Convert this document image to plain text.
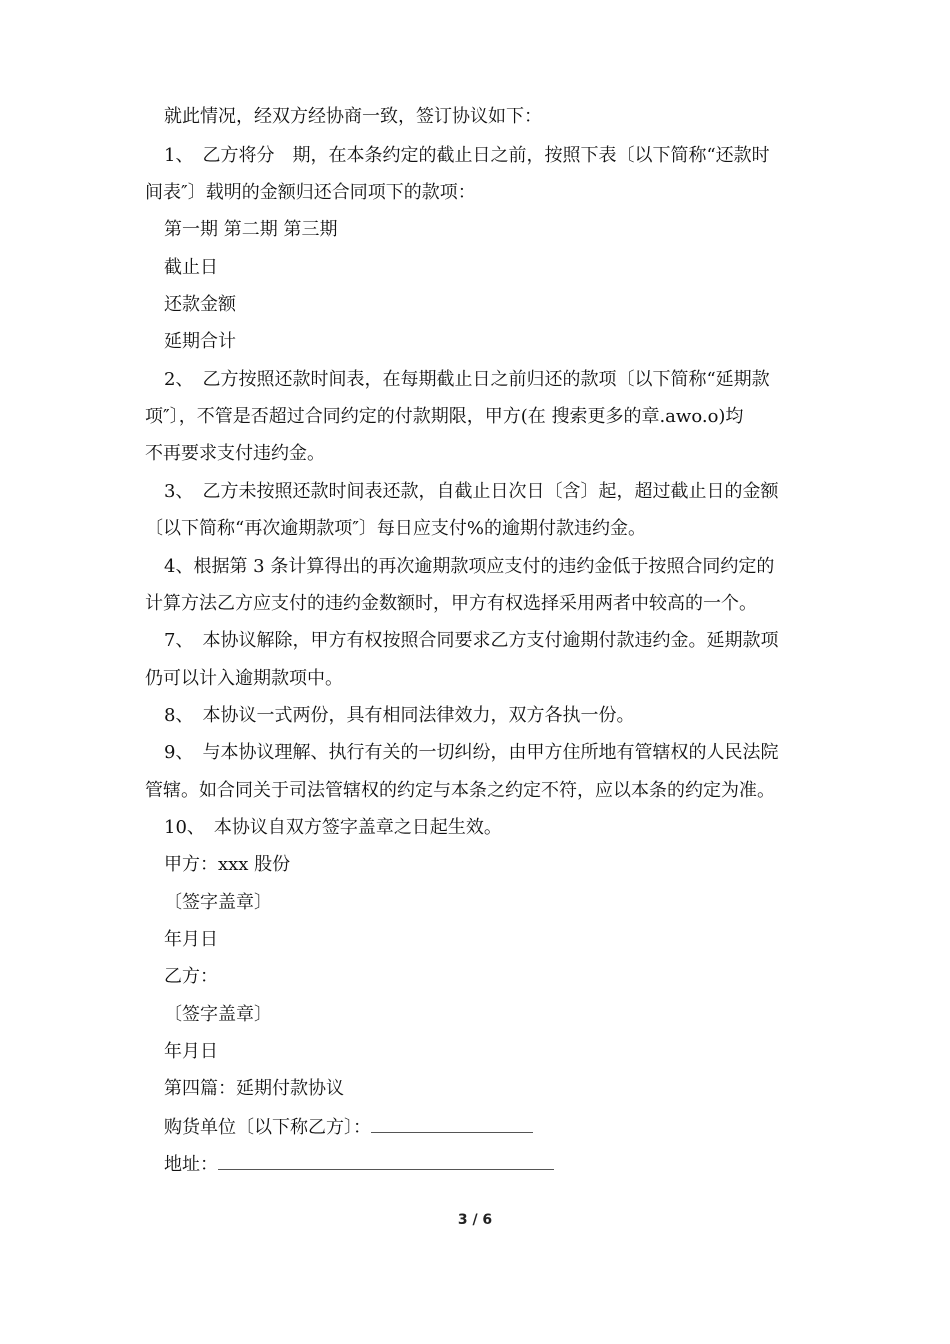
就此情况，经双方经协商一致，签订协议如下：
1、　乙方将分　期，在本条约定的截止日之前，按照下表〔以下简称“还款时
间表″〕载明的金额归还合同项下的款项：
第一期 第二期 第三期
截止日
还款金额
延期合计
2、　乙方按照还款时间表，在每期截止日之前归还的款项〔以下简称“延期款
项″〕，不管是否超过合同约定的付款期限，甲方(在 搜索更多的章.awo.o)均
不再要求支付违约金。
3、　乙方未按照还款时间表还款，自截止日次日〔含〕起，超过截止日的金额
〔以下简称“再次逾期款项″〕每日应支付%的逾期付款违约金。
4、根据第 3 条计算得出的再次逾期款项应支付的违约金低于按照合同约定的
计算方法乙方应支付的违约金数额时，甲方有权选择采用两者中较高的一个。
7、　本协议解除，甲方有权按照合同要求乙方支付逾期付款违约金。延期款项
仍可以计入逾期款项中。
8、　本协议一式两份，具有相同法律效力，双方各执一份。
9、　与本协议理解、执行有关的一切纠纷，由甲方住所地有管辖权的人民法院
管辖。如合同关于司法管辖权的约定与本条之约定不符，应以本条的约定为准。
10、　本协议自双方签字盖章之日起生效。
甲方：xxx 股份
〔签字盖章〕
年月日
乙方：
〔签字盖章〕
年月日
第四篇：延期付款协议
购货单位〔以下称乙方〕：
地址：
3 / 6
